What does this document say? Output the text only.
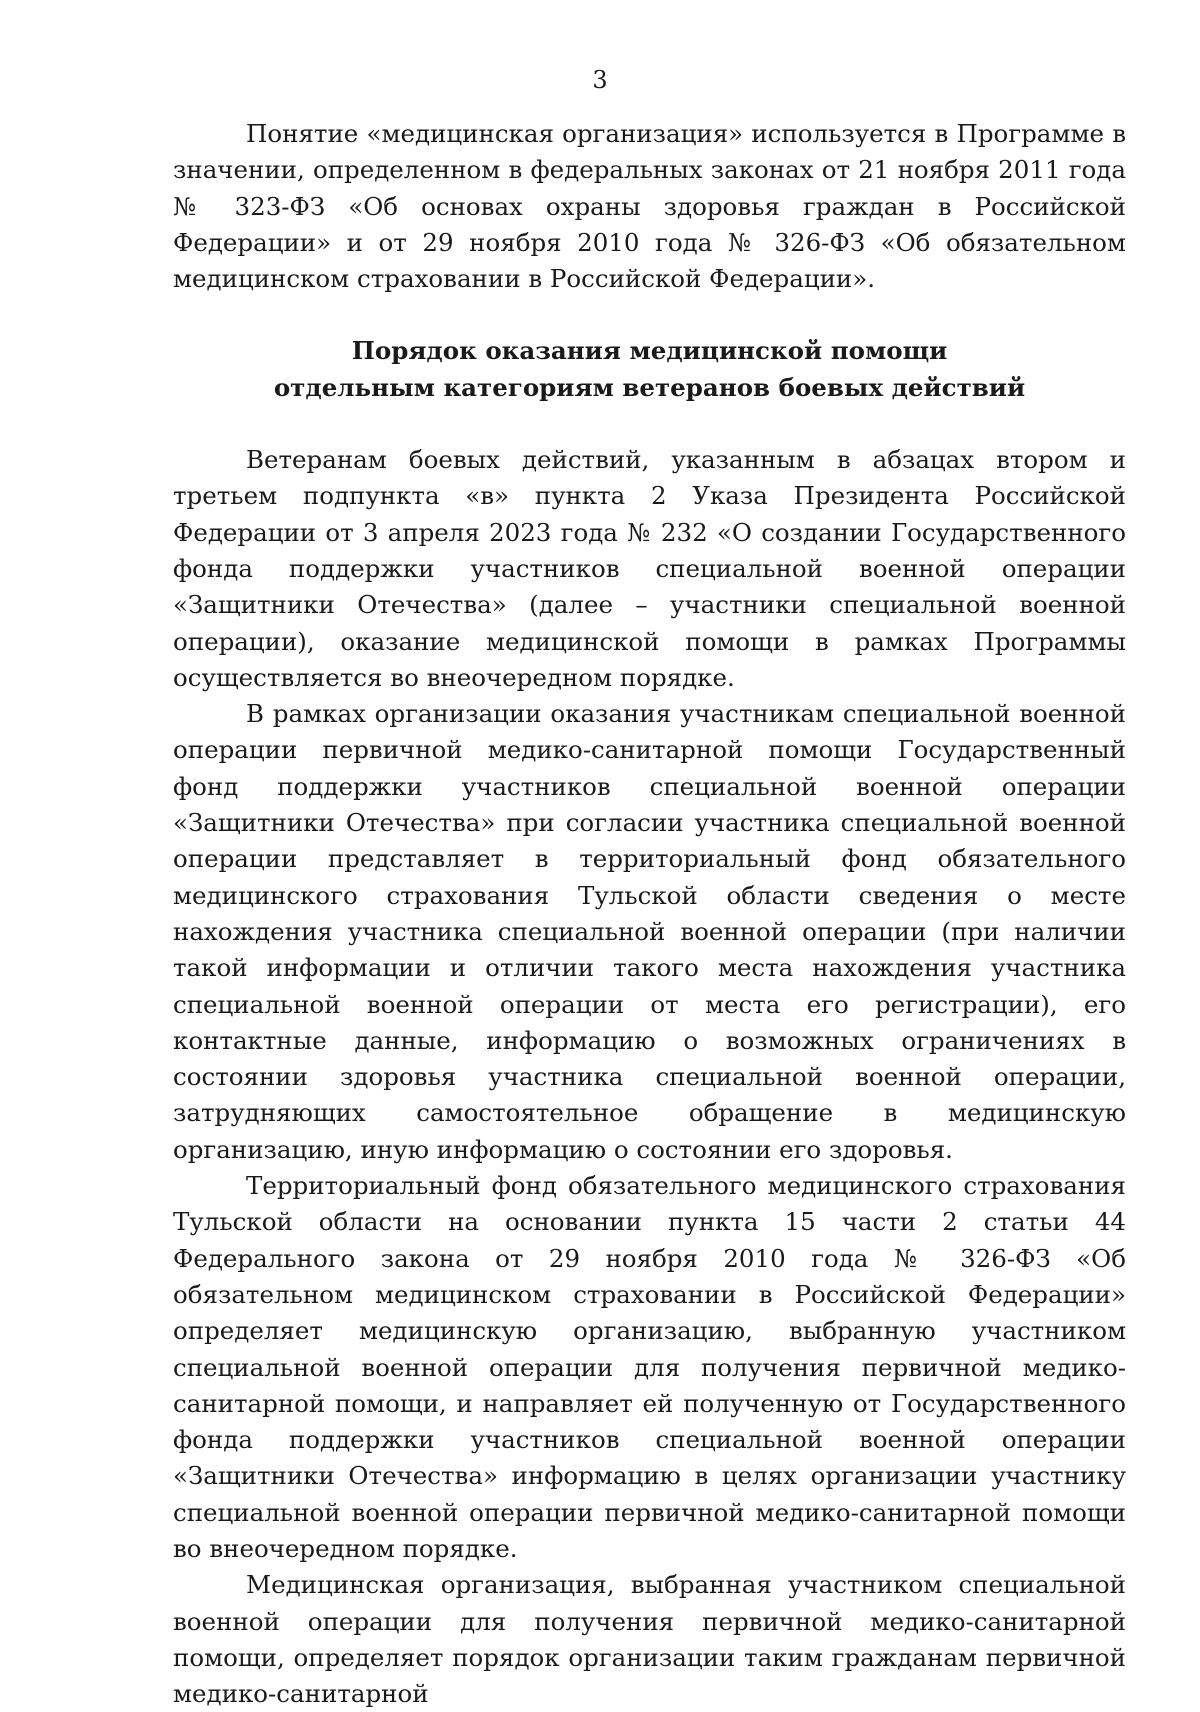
3

Понятие «медицинская организация» используется в Программе в значении, определенном в федеральных законах от 21 ноября 2011 года № 323-ФЗ «Об основах охраны здоровья граждан в Российской Федерации» и от 29 ноября 2010 года № 326-ФЗ «Об обязательном медицинском страховании в Российской Федерации».

Порядок оказания медицинской помощи
отдельным категориям ветеранов боевых действий

Ветеранам боевых действий, указанным в абзацах втором и третьем подпункта «в» пункта 2 Указа Президента Российской Федерации от 3 апреля 2023 года № 232 «О создании Государственного фонда поддержки участников специальной военной операции «Защитники Отечества» (далее – участники специальной военной операции), оказание медицинской помощи в рамках Программы осуществляется во внеочередном порядке.

В рамках организации оказания участникам специальной военной операции первичной медико-санитарной помощи Государственный фонд поддержки участников специальной военной операции «Защитники Отечества» при согласии участника специальной военной операции представляет в территориальный фонд обязательного медицинского страхования Тульской области сведения о месте нахождения участника специальной военной операции (при наличии такой информации и отличии такого места нахождения участника специальной военной операции от места его регистрации), его контактные данные, информацию о возможных ограничениях в состоянии здоровья участника специальной военной операции, затрудняющих самостоятельное обращение в медицинскую организацию, иную информацию о состоянии его здоровья.

Территориальный фонд обязательного медицинского страхования Тульской области на основании пункта 15 части 2 статьи 44 Федерального закона от 29 ноября 2010 года № 326-ФЗ «Об обязательном медицинском страховании в Российской Федерации» определяет медицинскую организацию, выбранную участником специальной военной операции для получения первичной медико-санитарной помощи, и направляет ей полученную от Государственного фонда поддержки участников специальной военной операции «Защитники Отечества» информацию в целях организации участнику специальной военной операции первичной медико-санитарной помощи во внеочередном порядке.

Медицинская организация, выбранная участником специальной военной операции для получения первичной медико-санитарной помощи, определяет порядок организации таким гражданам первичной медико-санитарной
